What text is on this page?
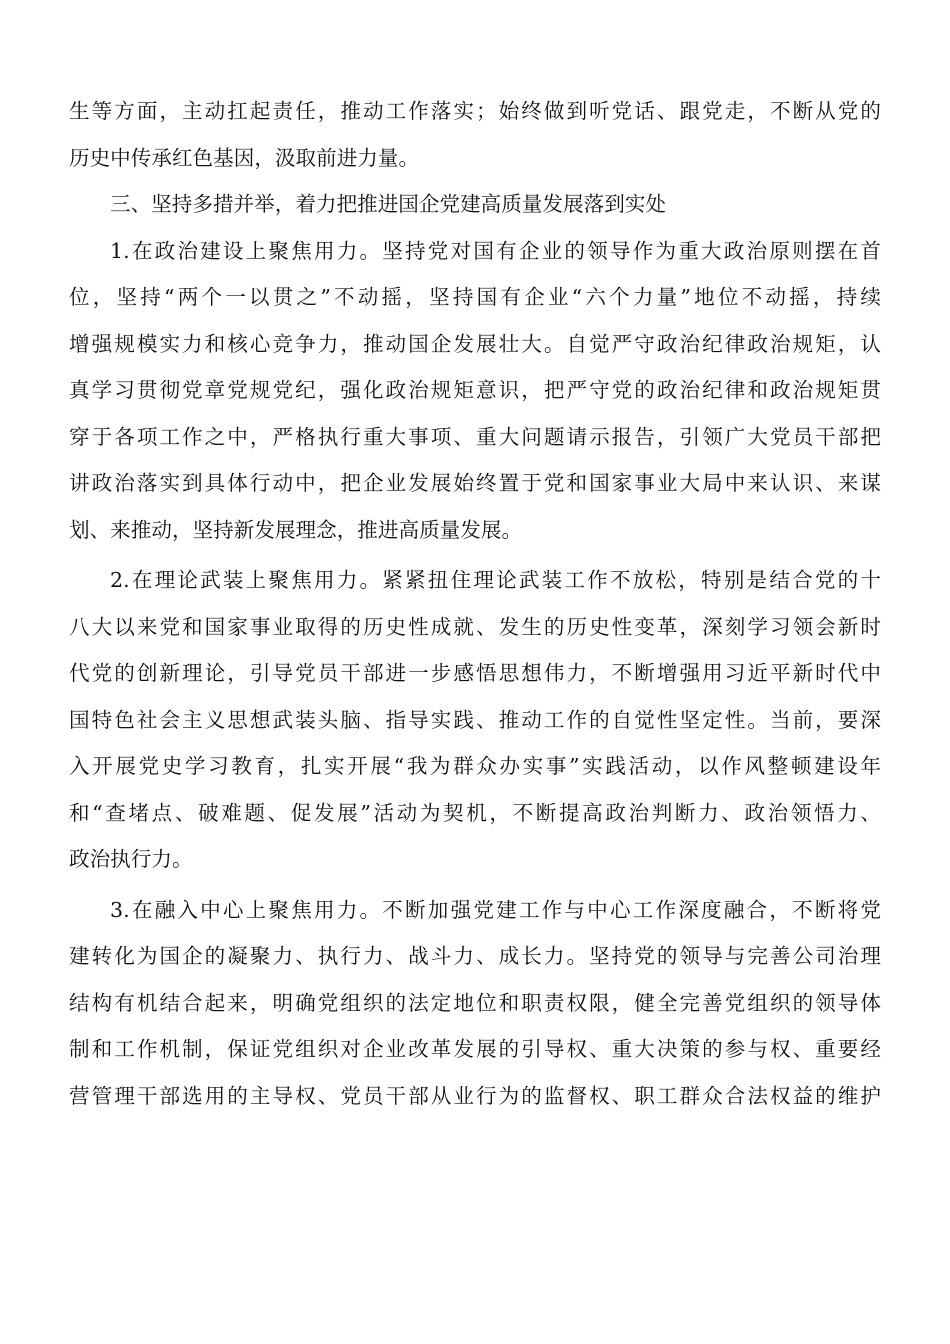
生等方面，主动扛起责任，推动工作落实；始终做到听党话、跟党走，不断从党的
历史中传承红色基因，汲取前进力量。
三、坚持多措并举，着力把推进国企党建高质量发展落到实处
1.在政治建设上聚焦用力。坚持党对国有企业的领导作为重大政治原则摆在首
位，坚持“两个一以贯之”不动摇，坚持国有企业“六个力量”地位不动摇，持续
增强规模实力和核心竞争力，推动国企发展壮大。自觉严守政治纪律政治规矩，认
真学习贯彻党章党规党纪，强化政治规矩意识，把严守党的政治纪律和政治规矩贯
穿于各项工作之中，严格执行重大事项、重大问题请示报告，引领广大党员干部把
讲政治落实到具体行动中，把企业发展始终置于党和国家事业大局中来认识、来谋
划、来推动，坚持新发展理念，推进高质量发展。
2.在理论武装上聚焦用力。紧紧扭住理论武装工作不放松，特别是结合党的十
八大以来党和国家事业取得的历史性成就、发生的历史性变革，深刻学习领会新时
代党的创新理论，引导党员干部进一步感悟思想伟力，不断增强用习近平新时代中
国特色社会主义思想武装头脑、指导实践、推动工作的自觉性坚定性。当前，要深
入开展党史学习教育，扎实开展“我为群众办实事”实践活动，以作风整顿建设年
和“查堵点、破难题、促发展”活动为契机，不断提高政治判断力、政治领悟力、
政治执行力。
3.在融入中心上聚焦用力。不断加强党建工作与中心工作深度融合，不断将党
建转化为国企的凝聚力、执行力、战斗力、成长力。坚持党的领导与完善公司治理
结构有机结合起来，明确党组织的法定地位和职责权限，健全完善党组织的领导体
制和工作机制，保证党组织对企业改革发展的引导权、重大决策的参与权、重要经
营管理干部选用的主导权、党员干部从业行为的监督权、职工群众合法权益的维护
